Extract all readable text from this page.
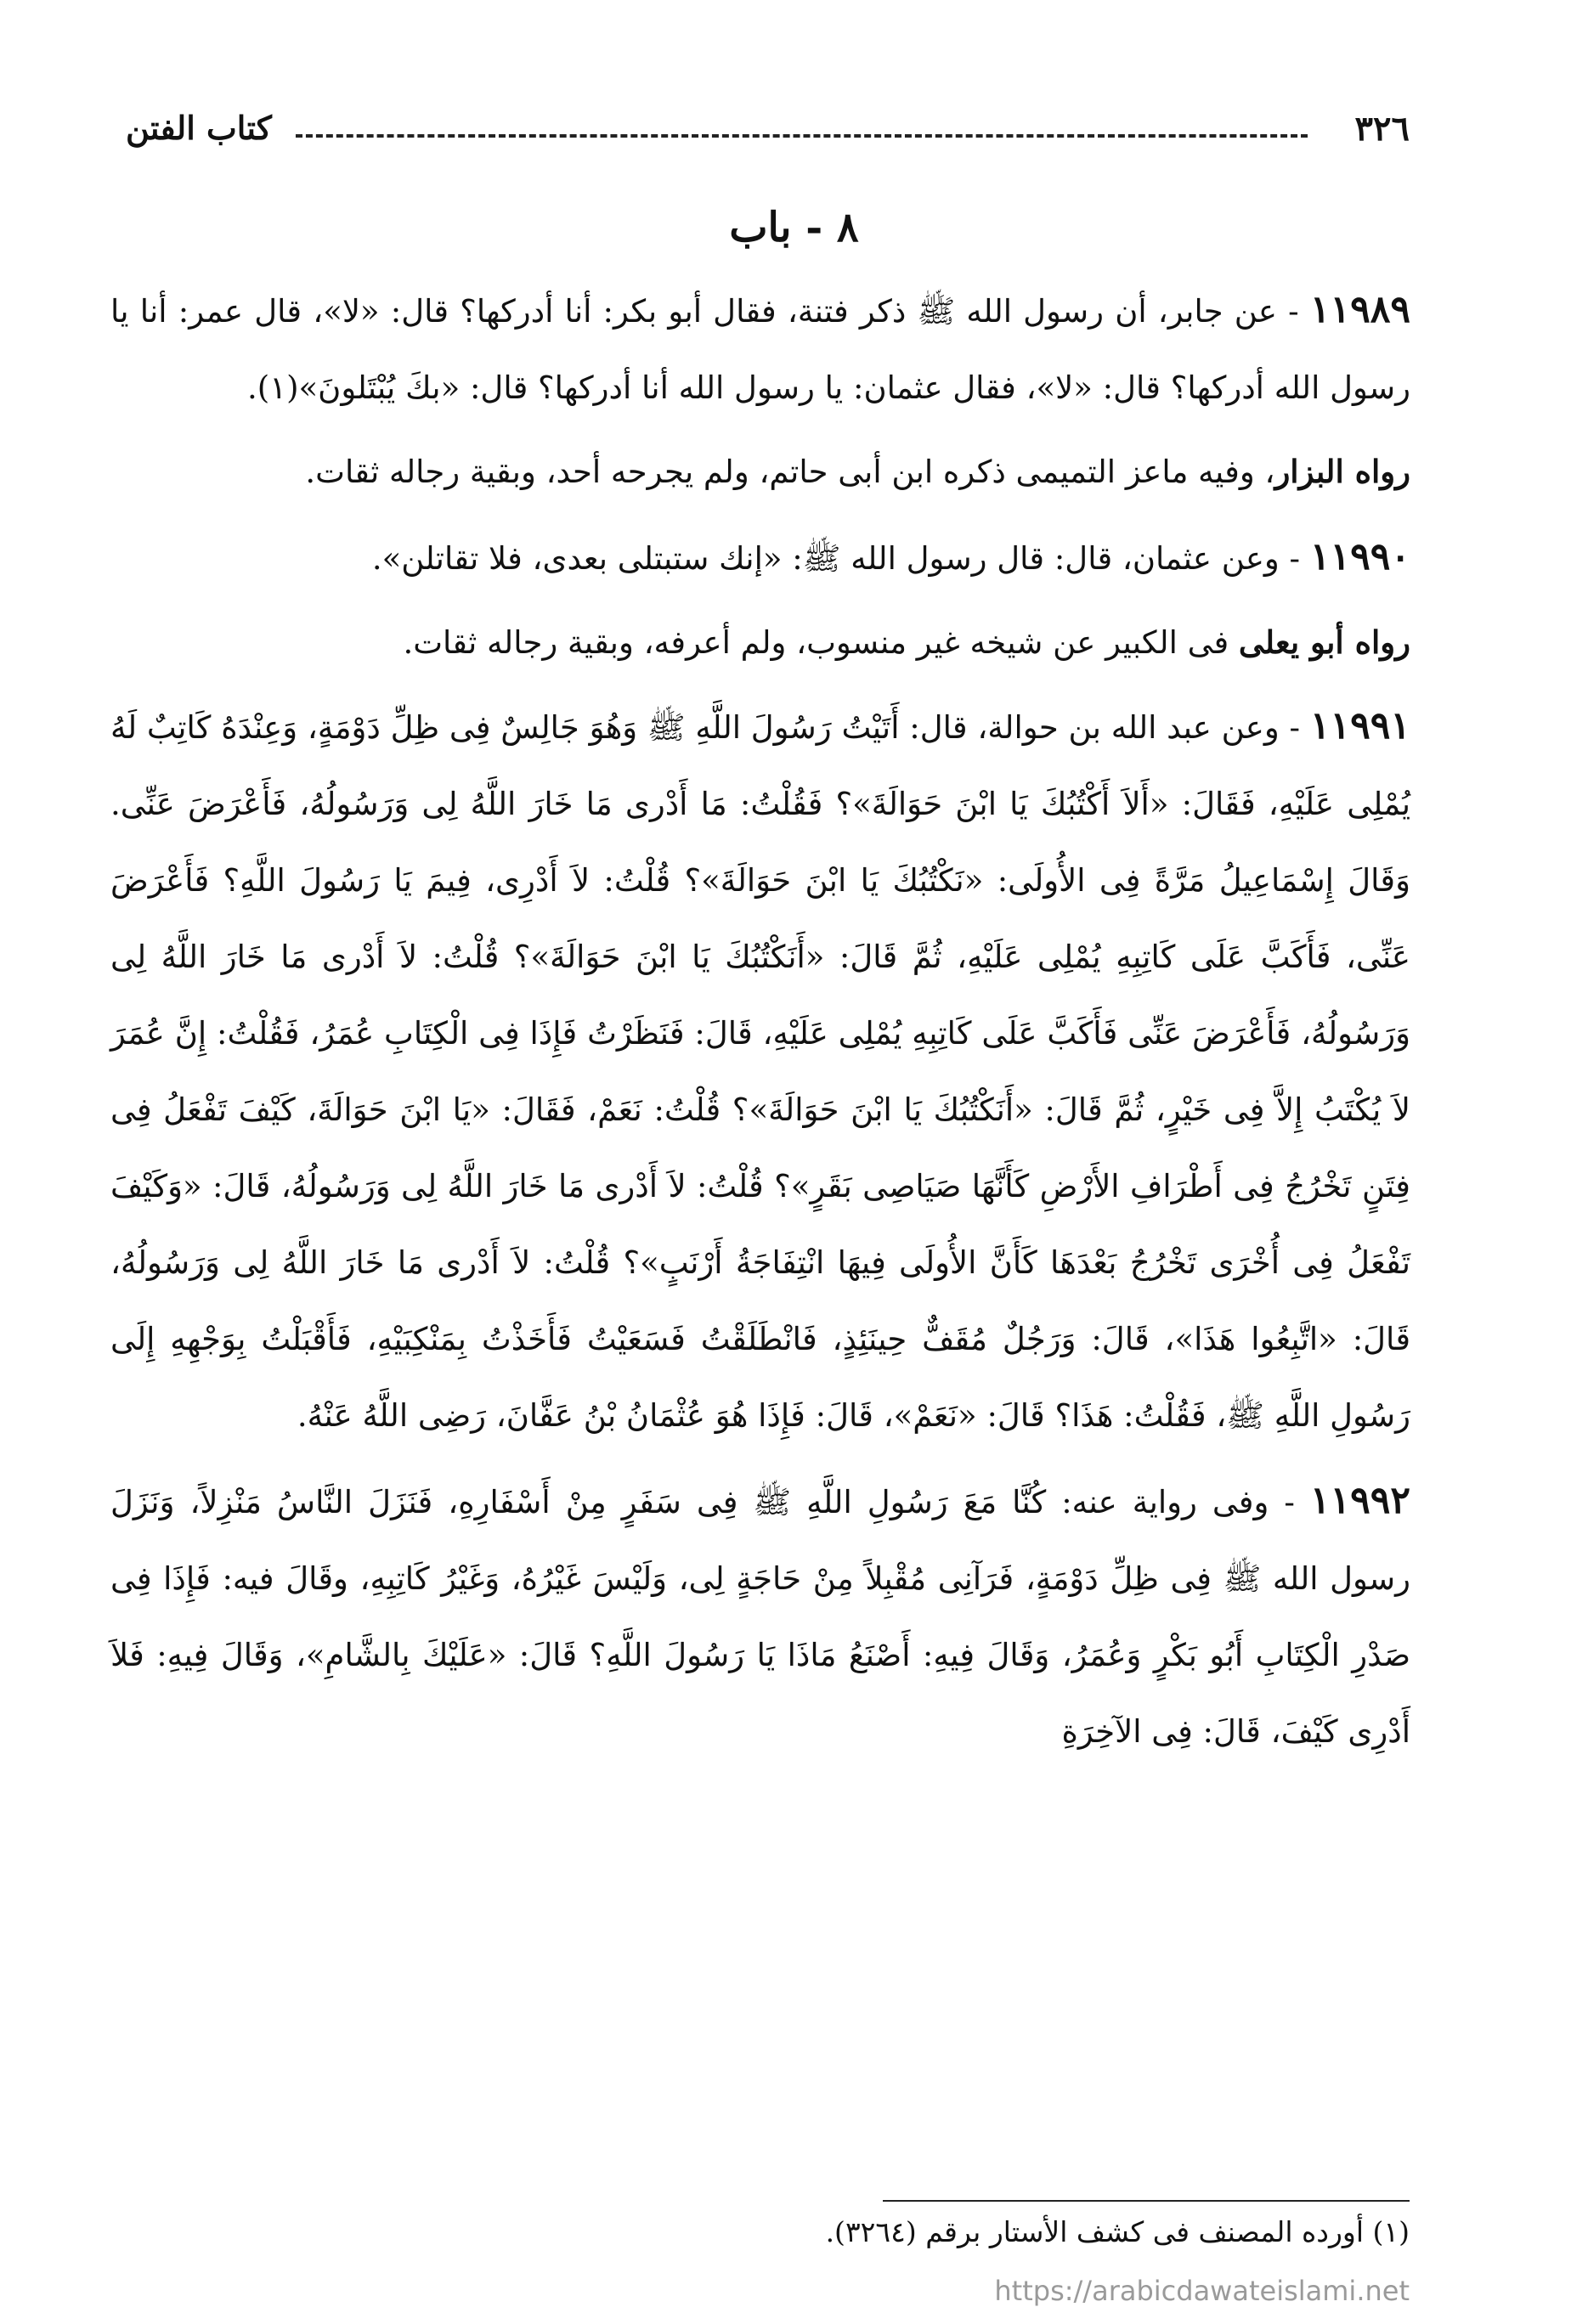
٣٢٦
كتاب الفتن
٨ - باب

١١٩٨٩ - عن جابر، أن رسول الله ﷺ ذكر فتنة، فقال أبو بكر: أنا أدركها؟ قال: «لا»، قال عمر: أنا يا رسول الله أدركها؟ قال: «لا»، فقال عثمان: يا رسول الله أنا أدركها؟ قال: «بكَ يُبْتَلونَ»(١).

رواه البزار، وفيه ماعز التميمى ذكره ابن أبى حاتم، ولم يجرحه أحد، وبقية رجاله ثقات.

١١٩٩٠ - وعن عثمان، قال: قال رسول الله ﷺ: «إنك ستبتلى بعدى، فلا تقاتلن».

رواه أبو يعلى فى الكبير عن شيخه غير منسوب، ولم أعرفه، وبقية رجاله ثقات.

١١٩٩١ - وعن عبد الله بن حوالة، قال: أَتَيْتُ رَسُولَ اللَّهِ ﷺ وَهُوَ جَالِسٌ فِى ظِلِّ دَوْمَةٍ، وَعِنْدَهُ كَاتِبٌ لَهُ يُمْلِى عَلَيْهِ، فَقَالَ: «أَلاَ أَكْتُبُكَ يَا ابْنَ حَوَالَةَ»؟ فَقُلْتُ: مَا أَدْرى مَا خَارَ اللَّهُ لِى وَرَسُولُهُ، فَأَعْرَضَ عَنِّى. وَقَالَ إِسْمَاعِيلُ مَرَّةً فِى الأُولَى: «نَكْتُبُكَ يَا ابْنَ حَوَالَةَ»؟ قُلْتُ: لاَ أَدْرِى، فِيمَ يَا رَسُولَ اللَّهِ؟ فَأَعْرَضَ عَنِّى، فَأَكَبَّ عَلَى كَاتِبِهِ يُمْلِى عَلَيْهِ، ثُمَّ قَالَ: «أَنَكْتُبُكَ يَا ابْنَ حَوَالَةَ»؟ قُلْتُ: لاَ أَدْرى مَا خَارَ اللَّهُ لِى وَرَسُولُهُ، فَأَعْرَضَ عَنِّى فَأَكَبَّ عَلَى كَاتِبِهِ يُمْلِى عَلَيْهِ، قَالَ: فَنَظَرْتُ فَإِذَا فِى الْكِتَابِ عُمَرُ، فَقُلْتُ: إِنَّ عُمَرَ لاَ يُكْتَبُ إِلاَّ فِى خَيْرٍ، ثُمَّ قَالَ: «أَنَكْتُبُكَ يَا ابْنَ حَوَالَةَ»؟ قُلْتُ: نَعَمْ، فَقَالَ: «يَا ابْنَ حَوَالَةَ، كَيْفَ تَفْعَلُ فِى فِتَنٍ تَخْرُجُ فِى أَطْرَافِ الأَرْضِ كَأَنَّهَا صَيَاصِى بَقَرٍ»؟ قُلْتُ: لاَ أَدْرى مَا خَارَ اللَّهُ لِى وَرَسُولُهُ، قَالَ: «وَكَيْفَ تَفْعَلُ فِى أُخْرَى تَخْرُجُ بَعْدَهَا كَأَنَّ الأُولَى فِيهَا انْتِفَاجَةُ أَرْنَبٍ»؟ قُلْتُ: لاَ أَدْرى مَا خَارَ اللَّهُ لِى وَرَسُولُهُ، قَالَ: «اتَّبِعُوا هَذَا»، قَالَ: وَرَجُلٌ مُقَفٌّ حِينَئِذٍ، فَانْطَلَقْتُ فَسَعَيْتُ فَأَخَذْتُ بِمَنْكِبَيْهِ، فَأَقْبَلْتُ بِوَجْهِهِ إِلَى رَسُولِ اللَّهِ ﷺ، فَقُلْتُ: هَذَا؟ قَالَ: «نَعَمْ»، قَالَ: فَإِذَا هُوَ عُثْمَانُ بْنُ عَفَّانَ، رَضِى اللَّهُ عَنْهُ.

١١٩٩٢ - وفى رواية عنه: كُنَّا مَعَ رَسُولِ اللَّهِ ﷺ فِى سَفَرٍ مِنْ أَسْفَارِهِ، فَنَزَلَ النَّاسُ مَنْزِلاً، وَنَزَلَ رسول الله ﷺ فِى ظِلِّ دَوْمَةٍ، فَرَآنِى مُقْبِلاً مِنْ حَاجَةٍ لِى، وَلَيْسَ غَيْرُهُ، وَغَيْرُ كَاتِبِهِ، وقَالَ فيه: فَإِذَا فِى صَدْرِ الْكِتَابِ أَبُو بَكْرٍ وَعُمَرُ، وَقَالَ فِيهِ: أَصْنَعُ مَاذَا يَا رَسُولَ اللَّهِ؟ قَالَ: «عَلَيْكَ بِالشَّامِ»، وَقَالَ فِيهِ: فَلاَ أَدْرِى كَيْفَ، قَالَ: فِى الآخِرَةِ

(١) أورده المصنف فى كشف الأستار برقم (٣٢٦٤).
https://arabicdawateislami.net
